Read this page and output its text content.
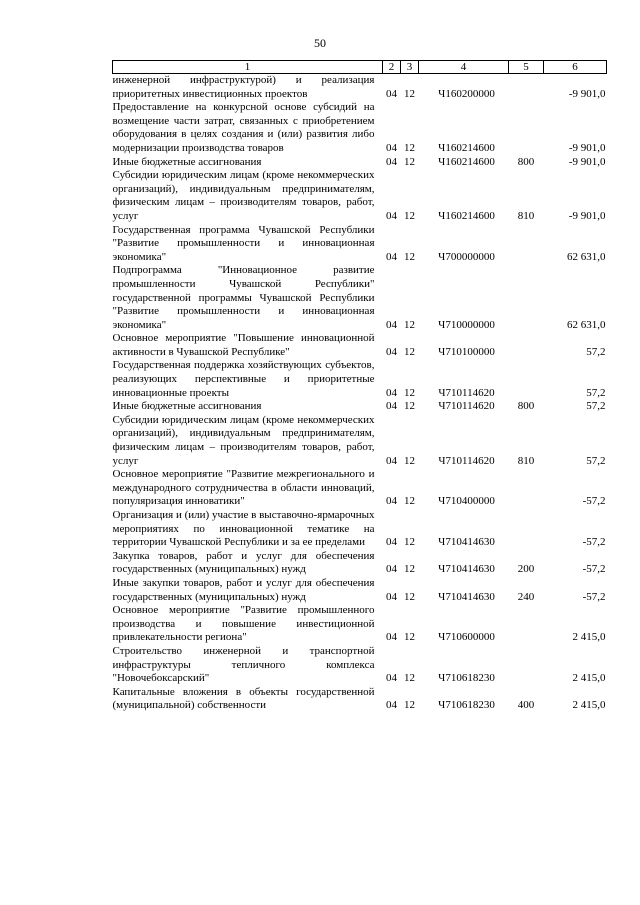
50
1	2	3	4	5	6
инженерной инфраструктурой) и реализация приоритетных инвестиционных проектов	04	12	Ч160200000		-9 901,0
Предоставление на конкурсной основе субсидий на возмещение части затрат, связанных с приобретением оборудования в целях создания и (или) развития либо модернизации производства товаров	04	12	Ч160214600		-9 901,0
Иные бюджетные ассигнования	04	12	Ч160214600	800	-9 901,0
Субсидии юридическим лицам (кроме некоммерческих организаций), индивидуальным предпринимателям, физическим лицам – производителям товаров, работ, услуг	04	12	Ч160214600	810	-9 901,0
Государственная программа Чувашской Республики "Развитие промышленности и инновационная экономика"	04	12	Ч700000000		62 631,0
Подпрограмма "Инновационное развитие промышленности Чувашской Республики" государственной программы Чувашской Республики "Развитие промышленности и инновационная экономика"	04	12	Ч710000000		62 631,0
Основное мероприятие "Повышение инновационной активности в Чувашской Республике"	04	12	Ч710100000		57,2
Государственная поддержка хозяйствующих субъектов, реализующих перспективные и приоритетные инновационные проекты	04	12	Ч710114620		57,2
Иные бюджетные ассигнования	04	12	Ч710114620	800	57,2
Субсидии юридическим лицам (кроме некоммерческих организаций), индивидуальным предпринимателям, физическим лицам – производителям товаров, работ, услуг	04	12	Ч710114620	810	57,2
Основное мероприятие "Развитие межрегионального и международного сотрудничества в области инноваций, популяризация инноватики"	04	12	Ч710400000		-57,2
Организация и (или) участие в выставочно-ярмарочных мероприятиях по инновационной тематике на территории Чувашской Республики и за ее пределами	04	12	Ч710414630		-57,2
Закупка товаров, работ и услуг для обеспечения государственных (муниципальных) нужд	04	12	Ч710414630	200	-57,2
Иные закупки товаров, работ и услуг для обеспечения государственных (муниципальных) нужд	04	12	Ч710414630	240	-57,2
Основное мероприятие "Развитие промышленного производства и повышение инвестиционной привлекательности региона"	04	12	Ч710600000		2 415,0
Строительство инженерной и транспортной инфраструктуры тепличного комплекса "Новочебоксарский"	04	12	Ч710618230		2 415,0
Капитальные вложения в объекты государственной (муниципальной) собственности	04	12	Ч710618230	400	2 415,0
